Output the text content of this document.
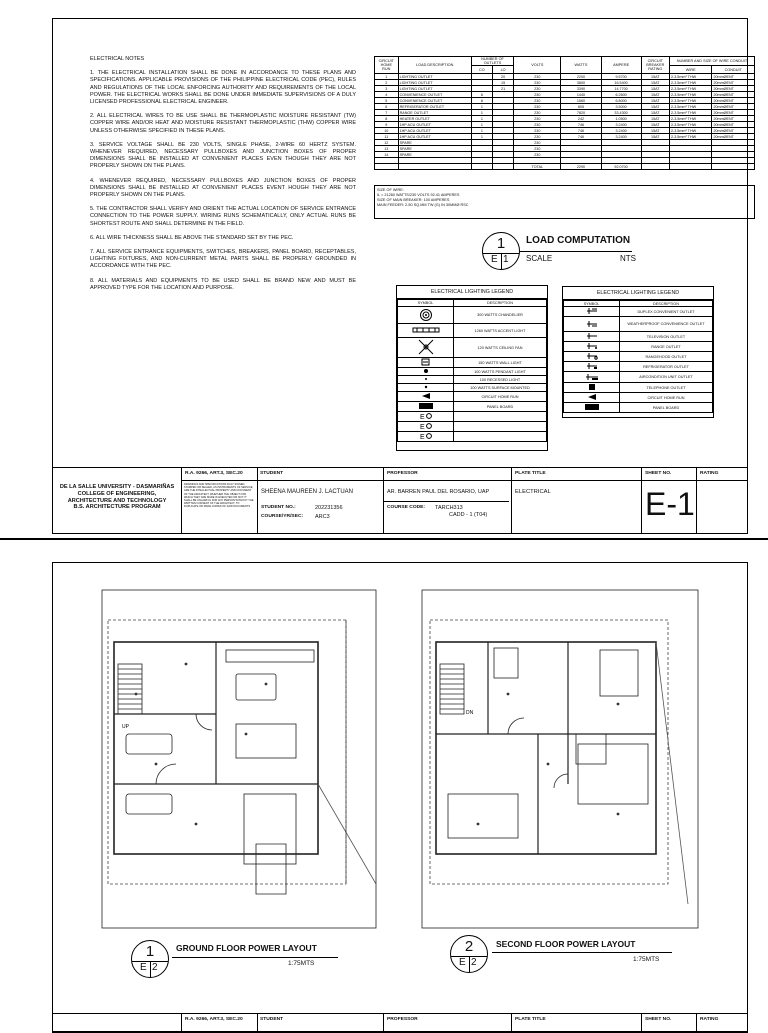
ELECTRICAL NOTES

1. THE ELECTRICAL INSTALLATION SHALL BE DONE IN ACCORDANCE TO THESE PLANS AND SPECIFICATIONS. APPLICABLE PROVISIONS OF THE PHILIPPINE ELECTRICAL CODE (PEC), RULES AND REGULATIONS OF THE LOCAL ENFORCING AUTHORITY AND REQUIREMENTS OF THE LOCAL POWER. THE ELECTRICAL WORKS SHALL BE DONE UNDER IMMEDIATE SUPERVISIONS OF A DULY LICENSED PROFESSIONAL ELECTRICAL ENGINEER.

2. ALL ELECTRICAL WIRES TO BE USE SHALL BE THERMOPLASTIC MOISTURE RESISTANT (TW) COPPER WIRE AND/OR HEAT AND MOISTURE RESISTANT THERMOPLASTIC (THW) COPPER WIRE UNLESS OTHERWISE SPECIFIED IN THESE PLANS.

3. SERVICE VOLTAGE SHALL BE 230 VOLTS, SINGLE PHASE, 2-WIRE 60 HERTZ SYSTEM. WHENEVER REQUIRED, NECESSARY PULLBOXES AND JUNCTION BOXES OF PROPER DIMENSIONS SHALL BE INSTALLED AT CONVENIENT PLACES EVEN THOUGH THEY ARE NOT PROPERLY SHOWN ON THE PLANS.

4. WHENEVER REQUIRED, NECESSARY PULLBOXES AND JUNCTION BOXES OF PROPER DIMENSIONS SHALL BE INSTALLED AT CONVENIENT PLACES EVENT HOUGH THEY ARE NOT PROPERLY SHOWN ON THE PLANS.

5. THE CONTRACTOR SHALL VERIFY AND ORIENT THE ACTUAL LOCATION OF SERVICE ENTRANCE CONNECTION TO THE POWER SUPPLY. WIRING RUNS SCHEMATICALLY, ONLY ACTUAL RUNS BE SHORTEST ROUTE AND SHALL DETERMINE IN THE FIELD.

6. ALL WIRE THICKNESS SHALL BE ABOVE THE STANDARD SET BY THE PEC.

7. ALL SERVICE ENTRANCE EQUIPMENTS, SWITCHES, BREAKERS, PANEL BOARD, RECEPTABLES, LIGHTING FIXTURES, AND NON-CURRENT METAL PARTS SHALL BE PROPERLY GROUNDED IN ACCORDANCE WITH THE PEC.

8. ALL MATERIALS AND EQUIPMENTS TO BE USED SHALL BE BRAND NEW AND MUST BE APPROVED TYPE FOR THE LOCATION AND PURPOSE.

CIRCUIT HOME RUN	LOAD DESCRIPTION	NUMBER OF OUTLETS		VOLTS	WATTS	AMPERE	CIRCUIT BREAKER RATING	NUMBER AND SIZE OF WIRE CONDUIT	
		CO	LO					WIRE	CONDUIT
1	LIGHTING OUTLET		20	230	2200	9.5700	15AT	2-3.5mm² THW	20mmØENT
2	LIGHTING OUTLET		15	230	3800	16.5400	15AT	2-3.5mm² THW	20mmØENT
3	LIGHTING OUTLET		21	230	3390	14.7700	15AT	2-3.5mm² THW	20mmØENT
4	CONVENIENCE OUTLET	6		230	1440	6.2600	15AT	2-3.5mm² THW	20mmØENT
5	CONVENIENCE OUTLET	8		230	1560	6.8000	15AT	2-3.5mm² THW	20mmØENT
6	REFRIGERATOR OUTLET	1		230	805	3.5000	15AT	2-3.5mm² THW	20mmØENT
7	RANGE OUTLET	1		230	7820	33.4300	15AT	2-3.5mm² THW	20mmØENT
8	HEATER OUTLET	1		230	242	1.0500	15AT	2-3.5mm² THW	20mmØENT
9	1HP ACU OUTLET	1		230	746	3.2400	15AT	2-3.5mm² THW	20mmØENT
10	1HP ACU OUTLET	1		230	746	3.2400	15AT	2-3.5mm² THW	20mmØENT
11	1HP ACU OUTLET	1		230	746	3.2400	15AT	2-3.5mm² THW	20mmØENT
12	SPARE			230					
13	SPARE			230					
14	SPARE			230					

				TOTAL	2290	92.0700			
SIZE OF WIRE:
IL = 21260 WATTS/230 VOLTS 92.41 AMPERES
SIZE OF MAIN BREAKER: 100 AMPERES
MAIN FEEDER: 2-50 SQ.MM TW (G) IN 30MMØ RSC
1
E 1
LOAD COMPUTATION
SCALE	NTS
ELECTRICAL LIGHTING LEGEND
SYMBOL	DESCRIPTION
	300 WATTS CHANDELIER
	1260 WATTS ACCENT LIGHT
	120 WATTS CEILING FAN
	150 WATTS WALL LIGHT
	100 WATTS PENDANT LIGHT
	100 RECESSED LIGHT
	100 WATTS SURFACE MOUNTED
	CIRCUIT HOME RUN
	PANEL BOARD

E	

E	

E	

ELECTRICAL LIGHTING LEGEND
SYMBOL	DESCRIPTION
	DUPLEX CONVENIENT OUTLET
	WEATHERPROOF CONVENIENCE OUTLET
	TELEVISION OUTLET
	RANGE OUTLET
	RANGEHOOD OUTLET
	REFRIGERATOR OUTLET
	AIRCONDITION UNIT OUTLET
	TELEPHONE OUTLET
	CIRCUIT HOME RUN
	PANEL BOARD
DE LA SALLE UNIVERSITY - DASMARIÑAS
COLLEGE OF ENGINEERING,
ARCHITECTURE AND TECHNOLOGY
B.S. ARCHITECTURE PROGRAM
R.A. 9266, ART.3, SEC.20
DRAWINGS AND SPECIFICATIONS DULY SIGNED, STAMPED OR SEALED, AS INSTRUMENTS OF SERVICE, ARE THE INTELLECTUAL PROPERTY AND DOCUMENT OF THE ARCHITECT, WHETHER THE OBJECT FOR WHICH THEY ARE MADE IS EXECUTED OR NOT. IT SHALL BE UNLAWFUL FOR ANY PERSON WITHOUT THE WRITTEN CONSENT OF THE ARCHITECT, TO DUPLICATE OR MAKE COPIES OF SAID DOCUMENTS.
STUDENT
SHEENA MAUREEN J. LACTUAN
STUDENT NO.:	202231356
COURSE/YR/SEC: ARC3
PROFESSOR
AR. BARREN PAUL DEL ROSARIO, UAP
COURSE CODE: TARCH313
CADD - 1 (T04)
PLATE TITLE
ELECTRICAL
SHEET NO.
E-1
RATING
UP
DN
1
E 2
GROUND FLOOR POWER LAYOUT
1:75MTS
2
E 2
SECOND FLOOR POWER LAYOUT
1:75MTS
R.A. 9266, ART.3, SEC.20	STUDENT	PROFESSOR	PLATE TITLE	SHEET NO.	RATING
